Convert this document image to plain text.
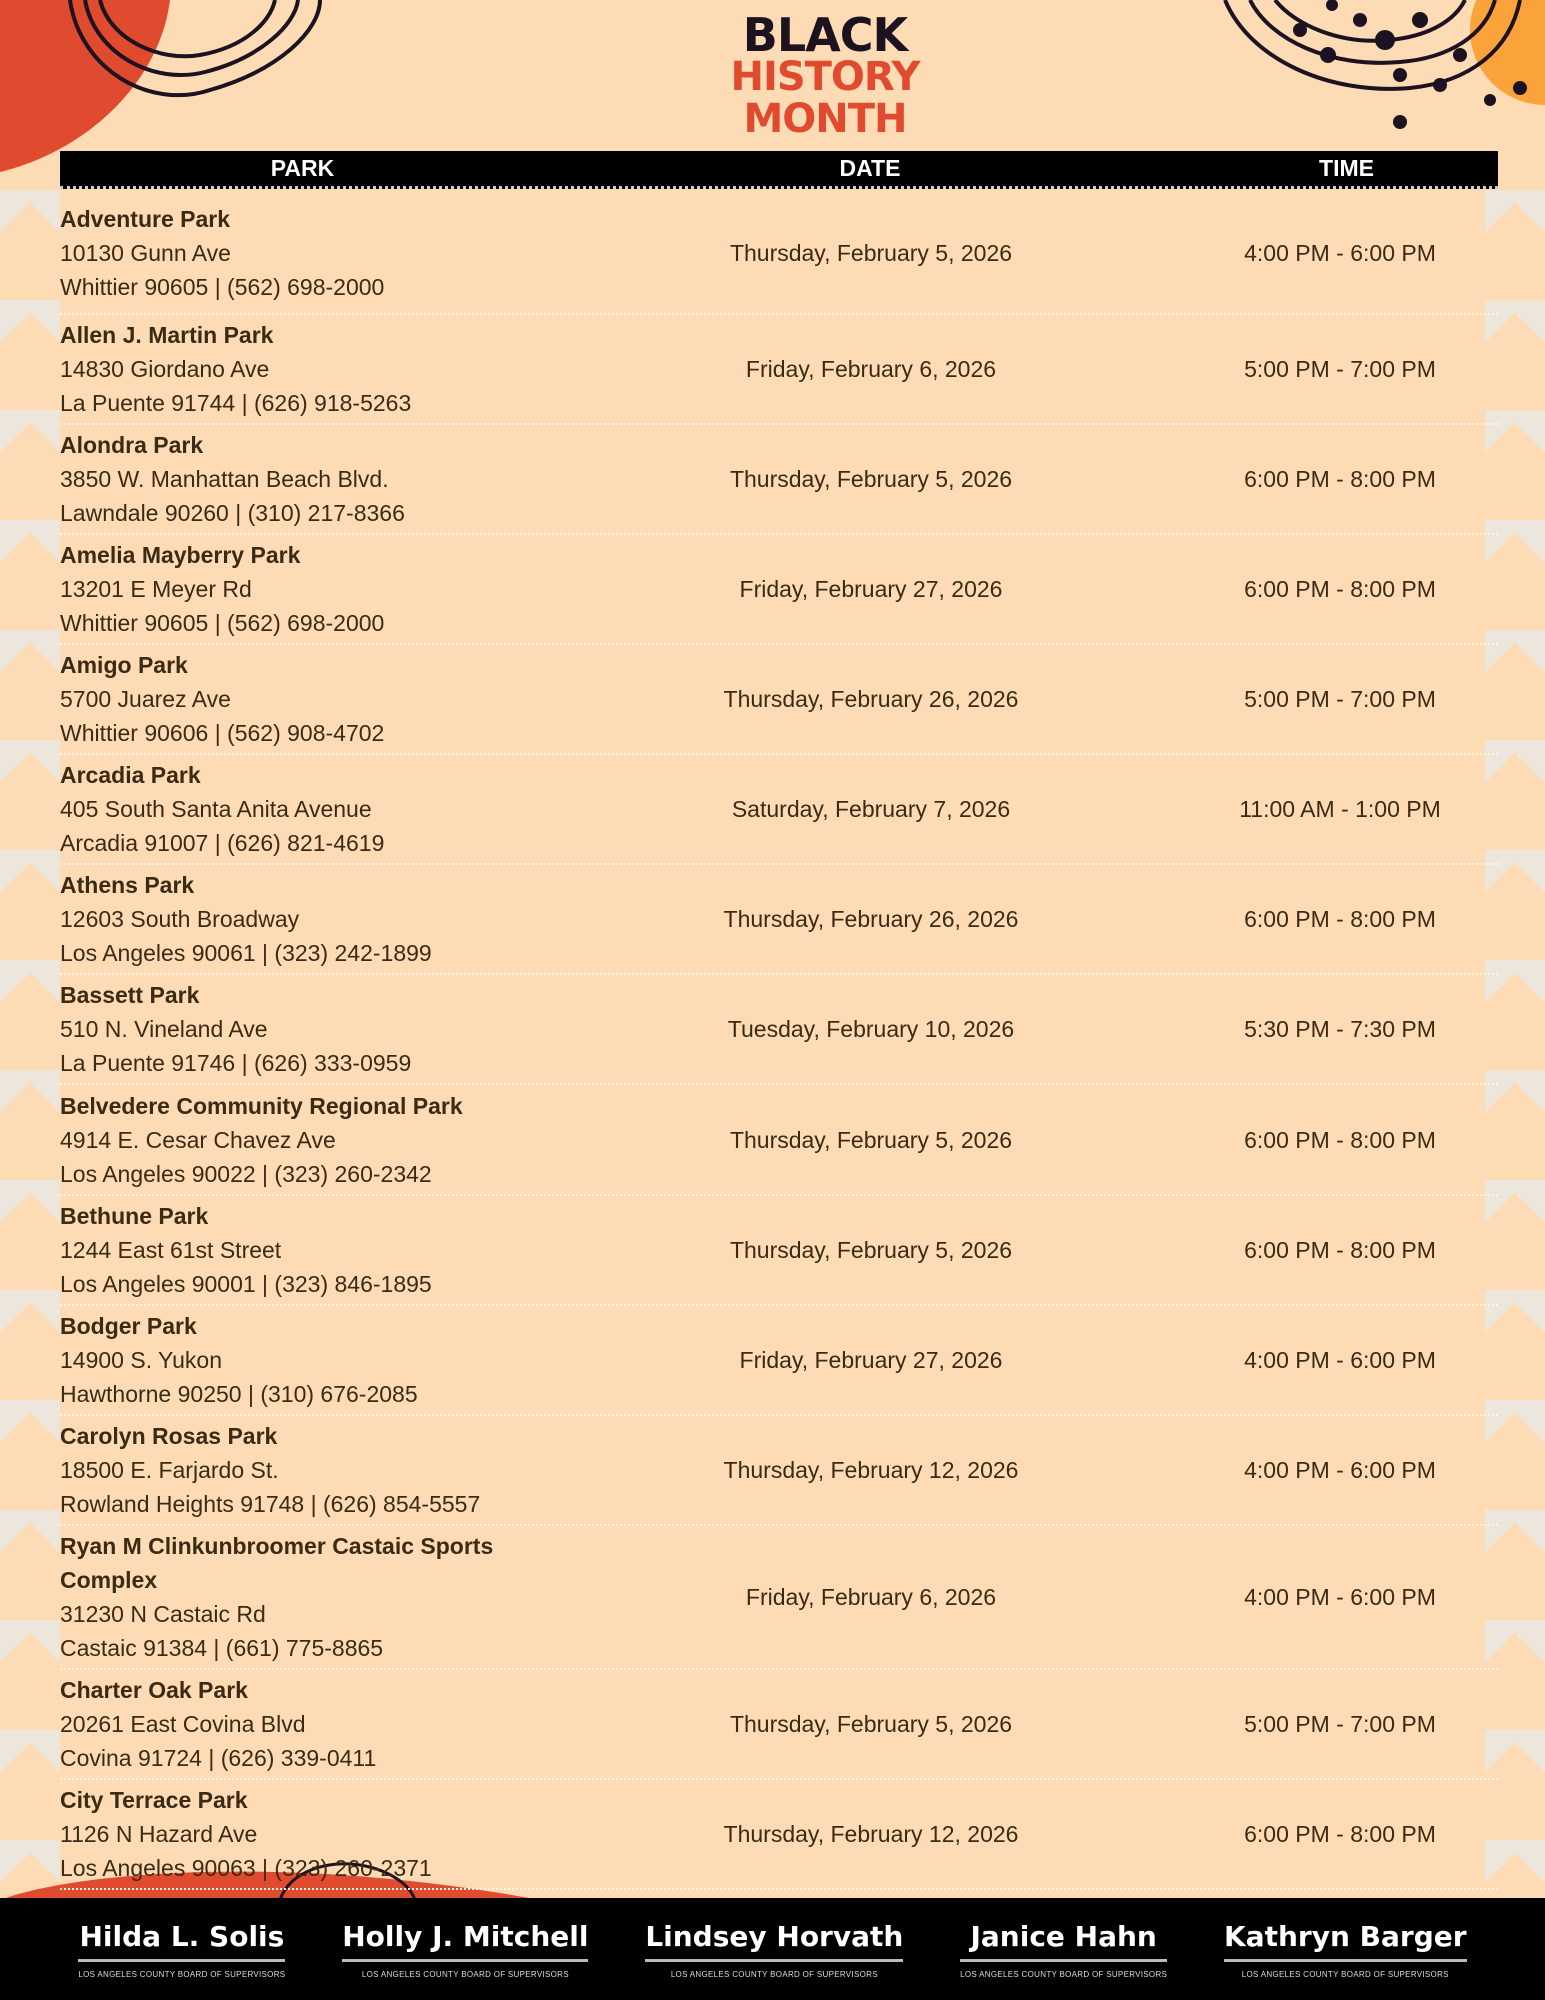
BLACK
HISTORY
MONTH
PARK	DATE	TIME
Adventure Park
10130 Gunn Ave
Whittier 90605 | (562) 698-2000
Thursday, February 5, 2026	4:00 PM - 6:00 PM
Allen J. Martin Park
14830 Giordano Ave
La Puente 91744 | (626) 918-5263
Friday, February 6, 2026	5:00 PM - 7:00 PM
Alondra Park
3850 W. Manhattan Beach Blvd.
Lawndale 90260 | (310) 217-8366
Thursday, February 5, 2026	6:00 PM - 8:00 PM
Amelia Mayberry Park
13201 E Meyer Rd
Whittier 90605 | (562) 698-2000
Friday, February 27, 2026	6:00 PM - 8:00 PM
Amigo Park
5700 Juarez Ave
Whittier 90606 | (562) 908-4702
Thursday, February 26, 2026	5:00 PM - 7:00 PM
Arcadia Park
405 South Santa Anita Avenue
Arcadia 91007 | (626) 821-4619
Saturday, February 7, 2026	11:00 AM - 1:00 PM
Athens Park
12603 South Broadway
Los Angeles 90061 | (323) 242-1899
Thursday, February 26, 2026	6:00 PM - 8:00 PM
Bassett Park
510 N. Vineland Ave
La Puente 91746 | (626) 333-0959
Tuesday, February 10, 2026	5:30 PM - 7:30 PM
Belvedere Community Regional Park
4914 E. Cesar Chavez Ave
Los Angeles 90022 | (323) 260-2342
Thursday, February 5, 2026	6:00 PM - 8:00 PM
Bethune Park
1244 East 61st Street
Los Angeles 90001 | (323) 846-1895
Thursday, February 5, 2026	6:00 PM - 8:00 PM
Bodger Park
14900 S. Yukon
Hawthorne 90250 | (310) 676-2085
Friday, February 27, 2026	4:00 PM - 6:00 PM
Carolyn Rosas Park
18500 E. Farjardo St.
Rowland Heights 91748 | (626) 854-5557
Thursday, February 12, 2026	4:00 PM - 6:00 PM
Ryan M Clinkunbroomer Castaic Sports Complex
31230 N Castaic Rd
Castaic 91384 | (661) 775-8865
Friday, February 6, 2026	4:00 PM - 6:00 PM
Charter Oak Park
20261 East Covina Blvd
Covina 91724 | (626) 339-0411
Thursday, February 5, 2026	5:00 PM - 7:00 PM
City Terrace Park
1126 N Hazard Ave
Los Angeles 90063 | (323) 260-2371
Thursday, February 12, 2026	6:00 PM - 8:00 PM
Hilda L. Solis
LOS ANGELES COUNTY BOARD OF SUPERVISORS
Holly J. Mitchell
LOS ANGELES COUNTY BOARD OF SUPERVISORS
Lindsey Horvath
LOS ANGELES COUNTY BOARD OF SUPERVISORS
Janice Hahn
LOS ANGELES COUNTY BOARD OF SUPERVISORS
Kathryn Barger
LOS ANGELES COUNTY BOARD OF SUPERVISORS
